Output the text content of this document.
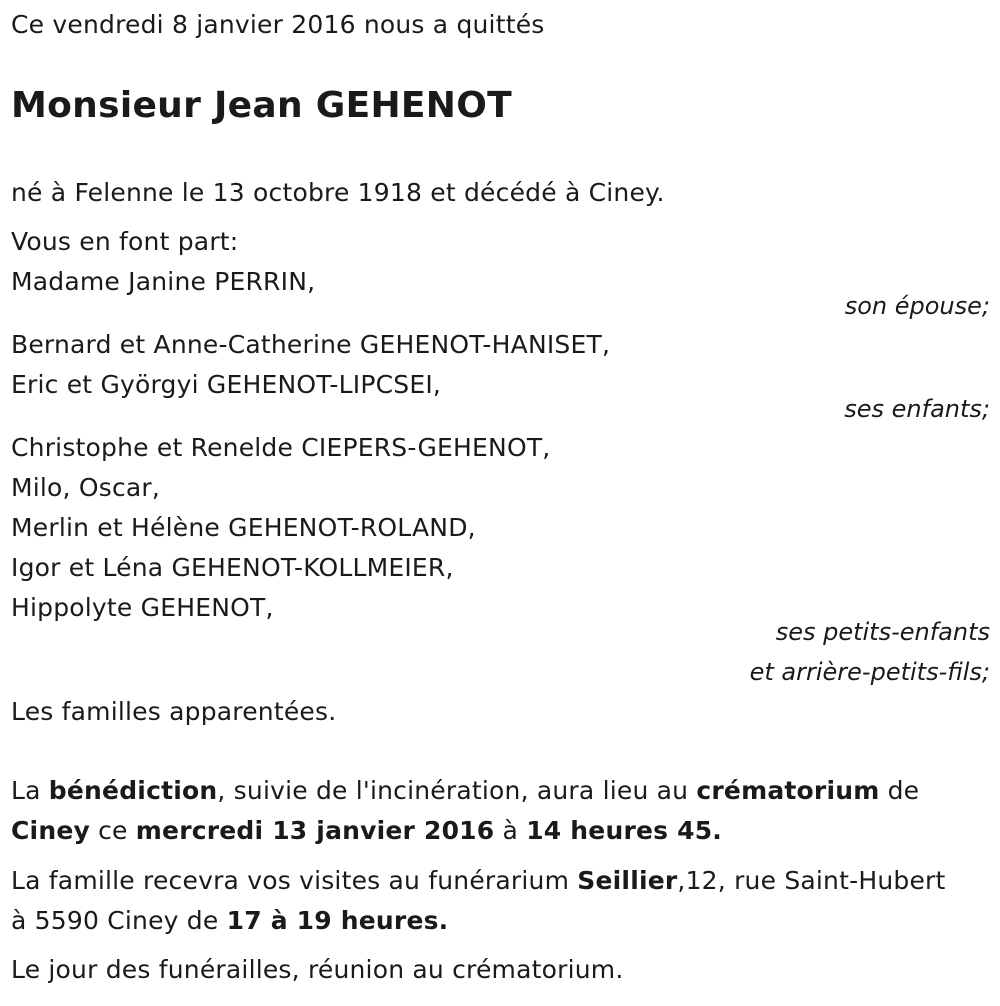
Ce vendredi 8 janvier 2016 nous a quittés
Monsieur Jean GEHENOT
né à Felenne le 13 octobre 1918 et décédé à Ciney.
Vous en font part:
Madame Janine PERRIN,
son épouse;
Bernard et Anne-Catherine GEHENOT-HANISET,
Eric et Györgyi GEHENOT-LIPCSEI,
ses enfants;
Christophe et Renelde CIEPERS-GEHENOT,
Milo, Oscar,
Merlin et Hélène GEHENOT-ROLAND,
Igor et Léna GEHENOT-KOLLMEIER,
Hippolyte GEHENOT,
ses petits-enfants
et arrière-petits-fils;
Les familles apparentées.
La bénédiction, suivie de l'incinération, aura lieu au crématorium de
Ciney ce mercredi 13 janvier 2016 à 14 heures 45.
La famille recevra vos visites au funérarium Seillier,12, rue Saint-Hubert
à 5590 Ciney de 17 à 19 heures.
Le jour des funérailles, réunion au crématorium.
